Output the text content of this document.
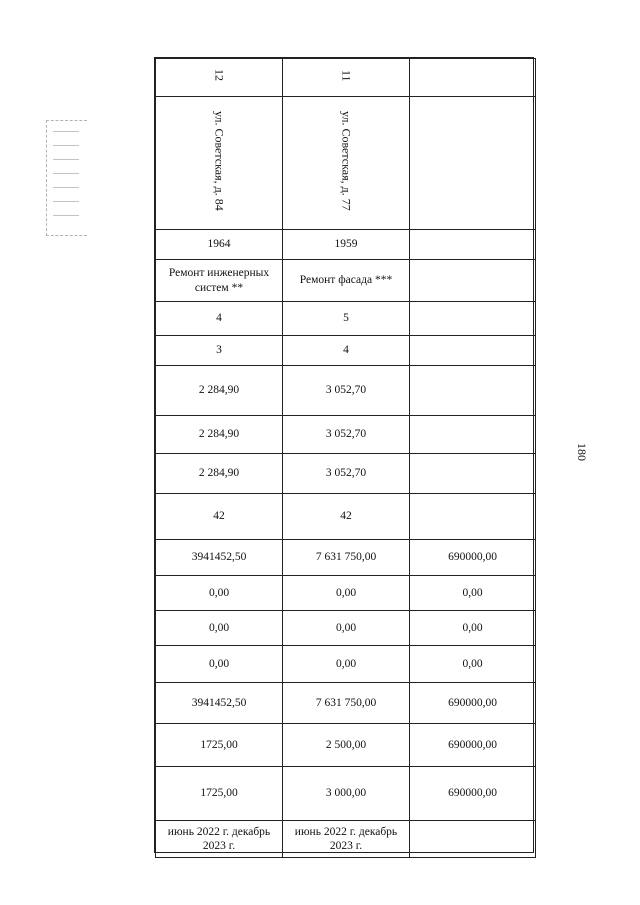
180
12	11	
ул. Советская, д. 84	ул. Советская, д. 77	
1964	1959	
Ремонт инженерных систем **	Ремонт фасада ***	
4	5	
3	4	
2 284,90	3 052,70	
2 284,90	3 052,70	
2 284,90	3 052,70	
42	42	
3941452,50	7 631 750,00	690000,00
0,00	0,00	0,00
0,00	0,00	0,00
0,00	0,00	0,00
3941452,50	7 631 750,00	690000,00
1725,00	2 500,00	690000,00
1725,00	3 000,00	690000,00
июнь 2022 г. декабрь 2023 г.	июнь 2022 г. декабрь 2023 г.	
